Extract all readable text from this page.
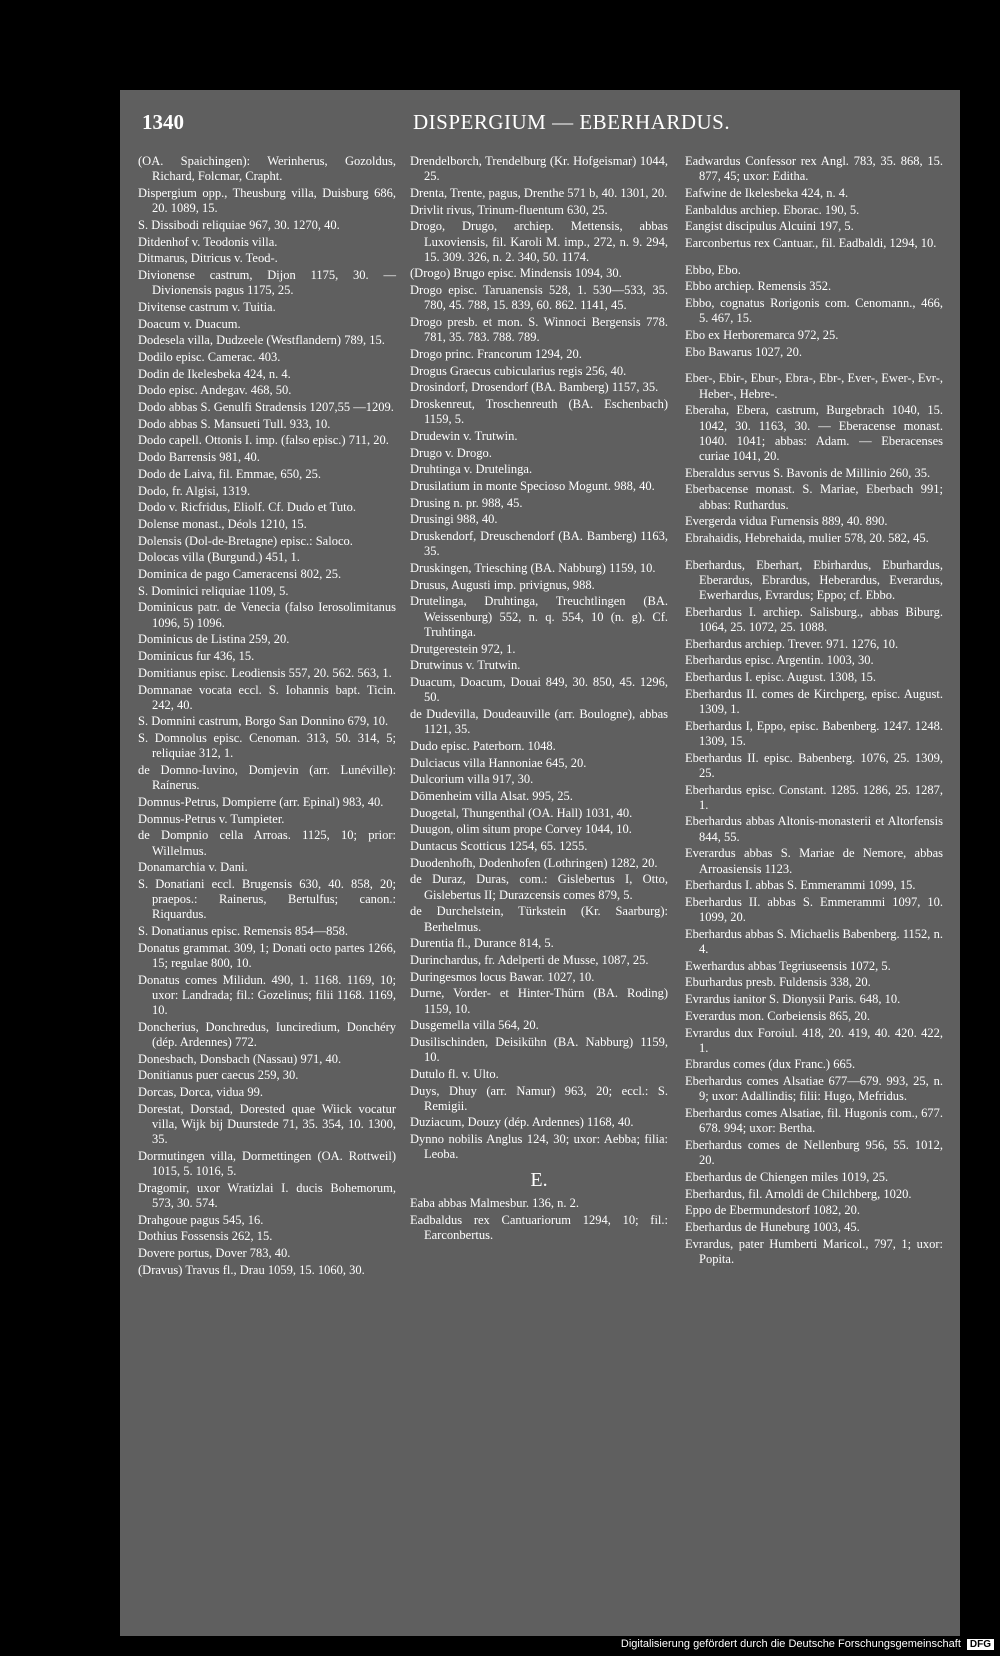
1340	DISPERGIUM — EBERHARDUS.

(OA. Spaichingen): Werinherus, Gozoldus, Richard, Folcmar, Crapht.

Dispergium opp., Theusburg villa, Duisburg 686, 20. 1089, 15.

S. Dissibodi reliquiae 967, 30. 1270, 40.

Ditdenhof v. Teodonis villa.

Ditmarus, Ditricus v. Teod-.

Divionense castrum, Dijon 1175, 30. — Divionensis pagus 1175, 25.

Divitense castrum v. Tuitia.

Doacum v. Duacum.

Dodesela villa, Dudzeele (Westflandern) 789, 15.

Dodilo episc. Camerac. 403.

Dodin de Ikelesbeka 424, n. 4.

Dodo episc. Andegav. 468, 50.

Dodo abbas S. Genulfi Stradensis 1207,55 —1209.

Dodo abbas S. Mansueti Tull. 933, 10.

Dodo capell. Ottonis I. imp. (falso episc.) 711, 20.

Dodo Barrensis 981, 40.

Dodo de Laiva, fil. Emmae, 650, 25.

Dodo, fr. Algisi, 1319.

Dodo v. Ricfridus, Eliolf. Cf. Dudo et Tuto.

Dolense monast., Déols 1210, 15.

Dolensis (Dol-de-Bretagne) episc.: Saloco.

Dolocas villa (Burgund.) 451, 1.

Dominica de pago Cameracensi 802, 25.

S. Dominici reliquiae 1109, 5.

Dominicus patr. de Venecia (falso Ierosolimitanus 1096, 5) 1096.

Dominicus de Listina 259, 20.

Dominicus fur 436, 15.

Domitianus episc. Leodiensis 557, 20. 562. 563, 1.

Domnanae vocata eccl. S. Iohannis bapt. Ticin. 242, 40.

S. Domnini castrum, Borgo San Donnino 679, 10.

S. Domnolus episc. Cenoman. 313, 50. 314, 5; reliquiae 312, 1.

de Domno-Iuvino, Domjevin (arr. Lunéville): Raínerus.

Domnus-Petrus, Dompierre (arr. Epinal) 983, 40.

Domnus-Petrus v. Tumpieter.

de Dompnio cella Arroas. 1125, 10; prior: Willelmus.

Donamarchia v. Dani.

S. Donatiani eccl. Brugensis 630, 40. 858, 20; praepos.: Rainerus, Bertulfus; canon.: Riquardus.

S. Donatianus episc. Remensis 854—858.

Donatus grammat. 309, 1; Donati octo partes 1266, 15; regulae 800, 10.

Donatus comes Milidun. 490, 1. 1168. 1169, 10; uxor: Landrada; fil.: Gozelinus; filii 1168. 1169, 10.

Doncherius, Donchredus, Iunciredium, Donchéry (dép. Ardennes) 772.

Donesbach, Donsbach (Nassau) 971, 40.

Donitianus puer caecus 259, 30.

Dorcas, Dorca, vidua 99.

Dorestat, Dorstad, Dorested quae Wiick vocatur villa, Wijk bij Duurstede 71, 35. 354, 10. 1300, 35.

Dormutingen villa, Dormettingen (OA. Rottweil) 1015, 5. 1016, 5.

Dragomir, uxor Wratizlai I. ducis Bohemorum, 573, 30. 574.

Drahgoue pagus 545, 16.

Dothius Fossensis 262, 15.

Dovere portus, Dover 783, 40.

(Dravus) Travus fl., Drau 1059, 15. 1060, 30.

Drendelborch, Trendelburg (Kr. Hofgeismar) 1044, 25.

Drenta, Trente, pagus, Drenthe 571 b, 40. 1301, 20.

Drivlit rivus, Trinum-fluentum 630, 25.

Drogo, Drugo, archiep. Mettensis, abbas Luxoviensis, fil. Karoli M. imp., 272, n. 9. 294, 15. 309. 326, n. 2. 340, 50. 1174.

(Drogo) Brugo episc. Mindensis 1094, 30.

Drogo episc. Taruanensis 528, 1. 530—533, 35. 780, 45. 788, 15. 839, 60. 862. 1141, 45.

Drogo presb. et mon. S. Winnoci Bergensis 778. 781, 35. 783. 788. 789.

Drogo princ. Francorum 1294, 20.

Drogus Graecus cubicularius regis 256, 40.

Drosindorf, Drosendorf (BA. Bamberg) 1157, 35.

Droskenreut, Troschenreuth (BA. Eschenbach) 1159, 5.

Drudewin v. Trutwin.

Drugo v. Drogo.

Druhtinga v. Drutelinga.

Drusilatium in monte Specioso Mogunt. 988, 40.

Drusing n. pr. 988, 45.

Drusingi 988, 40.

Druskendorf, Dreuschendorf (BA. Bamberg) 1163, 35.

Druskingen, Triesching (BA. Nabburg) 1159, 10.

Drusus, Augusti imp. privignus, 988.

Drutelinga, Druhtinga, Treuchtlingen (BA. Weissenburg) 552, n. q. 554, 10 (n. g). Cf. Truhtinga.

Drutgerestein 972, 1.

Drutwinus v. Trutwin.

Duacum, Doacum, Douai 849, 30. 850, 45. 1296, 50.

de Dudevilla, Doudeauville (arr. Boulogne), abbas 1121, 35.

Dudo episc. Paterborn. 1048.

Dulciacus villa Hannoniae 645, 20.

Dulcorium villa 917, 30.

Dōmenheim villa Alsat. 995, 25.

Duogetal, Thungenthal (OA. Hall) 1031, 40.

Duugon, olim situm prope Corvey 1044, 10.

Duntacus Scotticus 1254, 65. 1255.

Duodenhofh, Dodenhofen (Lothringen) 1282, 20.

de Duraz, Duras, com.: Gislebertus I, Otto, Gislebertus II; Durazcensis comes 879, 5.

de Durchelstein, Türkstein (Kr. Saarburg): Berhelmus.

Durentia fl., Durance 814, 5.

Durinchardus, fr. Adelperti de Musse, 1087, 25.

Duringesmos locus Bawar. 1027, 10.

Durne, Vorder- et Hinter-Thürn (BA. Roding) 1159, 10.

Dusgemella villa 564, 20.

Dusilischinden, Deisikühn (BA. Nabburg) 1159, 10.

Dutulo fl. v. Ulto.

Duys, Dhuy (arr. Namur) 963, 20; eccl.: S. Remigii.

Duziacum, Douzy (dép. Ardennes) 1168, 40.

Dynno nobilis Anglus 124, 30; uxor: Aebba; filia: Leoba.

E.

Eaba abbas Malmesbur. 136, n. 2.

Eadbaldus rex Cantuariorum 1294, 10; fil.: Earconbertus.

Eadwardus Confessor rex Angl. 783, 35. 868, 15. 877, 45; uxor: Editha.

Eafwine de Ikelesbeka 424, n. 4.

Eanbaldus archiep. Eborac. 190, 5.

Eangist discipulus Alcuini 197, 5.

Earconbertus rex Cantuar., fil. Eadbaldi, 1294, 10.

Ebbo, Ebo.

Ebbo archiep. Remensis 352.

Ebbo, cognatus Rorigonis com. Cenomann., 466, 5. 467, 15.

Ebo ex Herboremarca 972, 25.

Ebo Bawarus 1027, 20.

Eber-, Ebir-, Ebur-, Ebra-, Ebr-, Ever-, Ewer-, Evr-, Heber-, Hebre-.

Eberaha, Ebera, castrum, Burgebrach 1040, 15. 1042, 30. 1163, 30. — Eberacense monast. 1040. 1041; abbas: Adam. — Eberacenses curiae 1041, 20.

Eberaldus servus S. Bavonis de Millinio 260, 35.

Eberbacense monast. S. Mariae, Eberbach 991; abbas: Ruthardus.

Evergerda vidua Furnensis 889, 40. 890.

Ebrahaidis, Hebrehaida, mulier 578, 20. 582, 45.

Eberhardus, Eberhart, Ebirhardus, Eburhardus, Eberardus, Ebrardus, Heberardus, Everardus, Ewerhardus, Evrardus; Eppo; cf. Ebbo.

Eberhardus I. archiep. Salisburg., abbas Biburg. 1064, 25. 1072, 25. 1088.

Eberhardus archiep. Trever. 971. 1276, 10.

Eberhardus episc. Argentin. 1003, 30.

Eberhardus I. episc. August. 1308, 15.

Eberhardus II. comes de Kirchperg, episc. August. 1309, 1.

Eberhardus I, Eppo, episc. Babenberg. 1247. 1248. 1309, 15.

Eberhardus II. episc. Babenberg. 1076, 25. 1309, 25.

Eberhardus episc. Constant. 1285. 1286, 25. 1287, 1.

Eberhardus abbas Altonis-monasterii et Altorfensis 844, 55.

Everardus abbas S. Mariae de Nemore, abbas Arroasiensis 1123.

Eberhardus I. abbas S. Emmerammi 1099, 15.

Eberhardus II. abbas S. Emmerammi 1097, 10. 1099, 20.

Eberhardus abbas S. Michaelis Babenberg. 1152, n. 4.

Ewerhardus abbas Tegriuseensis 1072, 5.

Eburhardus presb. Fuldensis 338, 20.

Evrardus ianitor S. Dionysii Paris. 648, 10.

Everardus mon. Corbeiensis 865, 20.

Evrardus dux Foroiul. 418, 20. 419, 40. 420. 422, 1.

Ebrardus comes (dux Franc.) 665.

Eberhardus comes Alsatiae 677—679. 993, 25, n. 9; uxor: Adallindis; filii: Hugo, Mefridus.

Eberhardus comes Alsatiae, fil. Hugonis com., 677. 678. 994; uxor: Bertha.

Eberhardus comes de Nellenburg 956, 55. 1012, 20.

Eberhardus de Chiengen miles 1019, 25.

Eberhardus, fil. Arnoldi de Chilchberg, 1020.

Eppo de Ebermundestorf 1082, 20.

Eberhardus de Huneburg 1003, 45.

Evrardus, pater Humberti Maricol., 797, 1; uxor: Popita.

Digitalisierung gefördert durch die Deutsche Forschungsgemeinschaft DFG
